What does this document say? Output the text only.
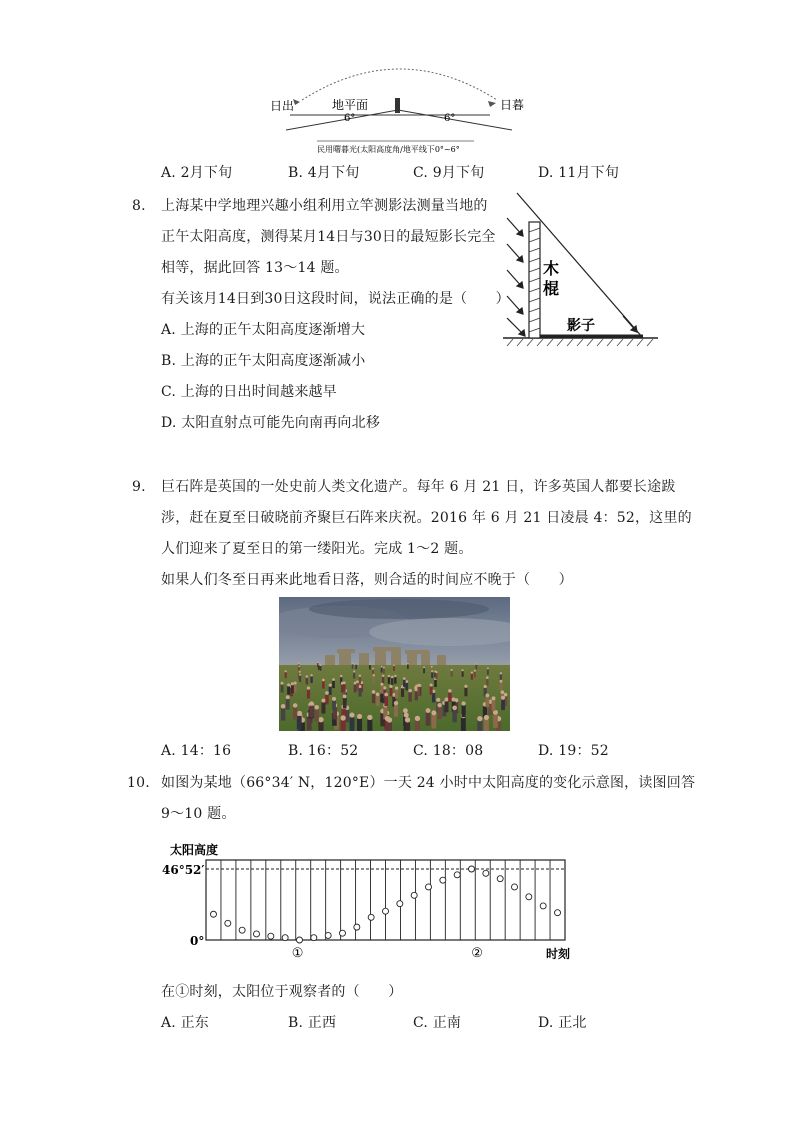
日出	地平面	日暮
6°	6°
民用曙暮光(太阳高度角/地平线下0°~6°
A. 2月下旬	B. 4月下旬	C. 9月下旬	D. 11月下旬
8. 上海某中学地理兴趣小组利用立竿测影法测量当地的
正午太阳高度，测得某月14日与30日的最短影长完全
相等，据此回答 13～14 题。
有关该月14日到30日这段时间，说法正确的是（　　）
A. 上海的正午太阳高度逐渐增大
B. 上海的正午太阳高度逐渐减小
C. 上海的日出时间越来越早
D. 太阳直射点可能先向南再向北移
木
棍
影子
9. 巨石阵是英国的一处史前人类文化遗产。每年 6 月 21 日，许多英国人都要长途跋
涉，赶在夏至日破晓前齐聚巨石阵来庆祝。2016 年 6 月 21 日凌晨 4：52，这里的
人们迎来了夏至日的第一缕阳光。完成 1～2 题。
如果人们冬至日再来此地看日落，则合适的时间应不晚于（　　）
A. 14：16	B. 16：52	C. 18：08	D. 19：52
10. 如图为某地（66°34′ N，120°E）一天 24 小时中太阳高度的变化示意图，读图回答
9～10 题。
太阳高度
46°52′
0°
时刻
①	②
在①时刻，太阳位于观察者的（　　）
A. 正东	B. 正西	C. 正南	D. 正北
